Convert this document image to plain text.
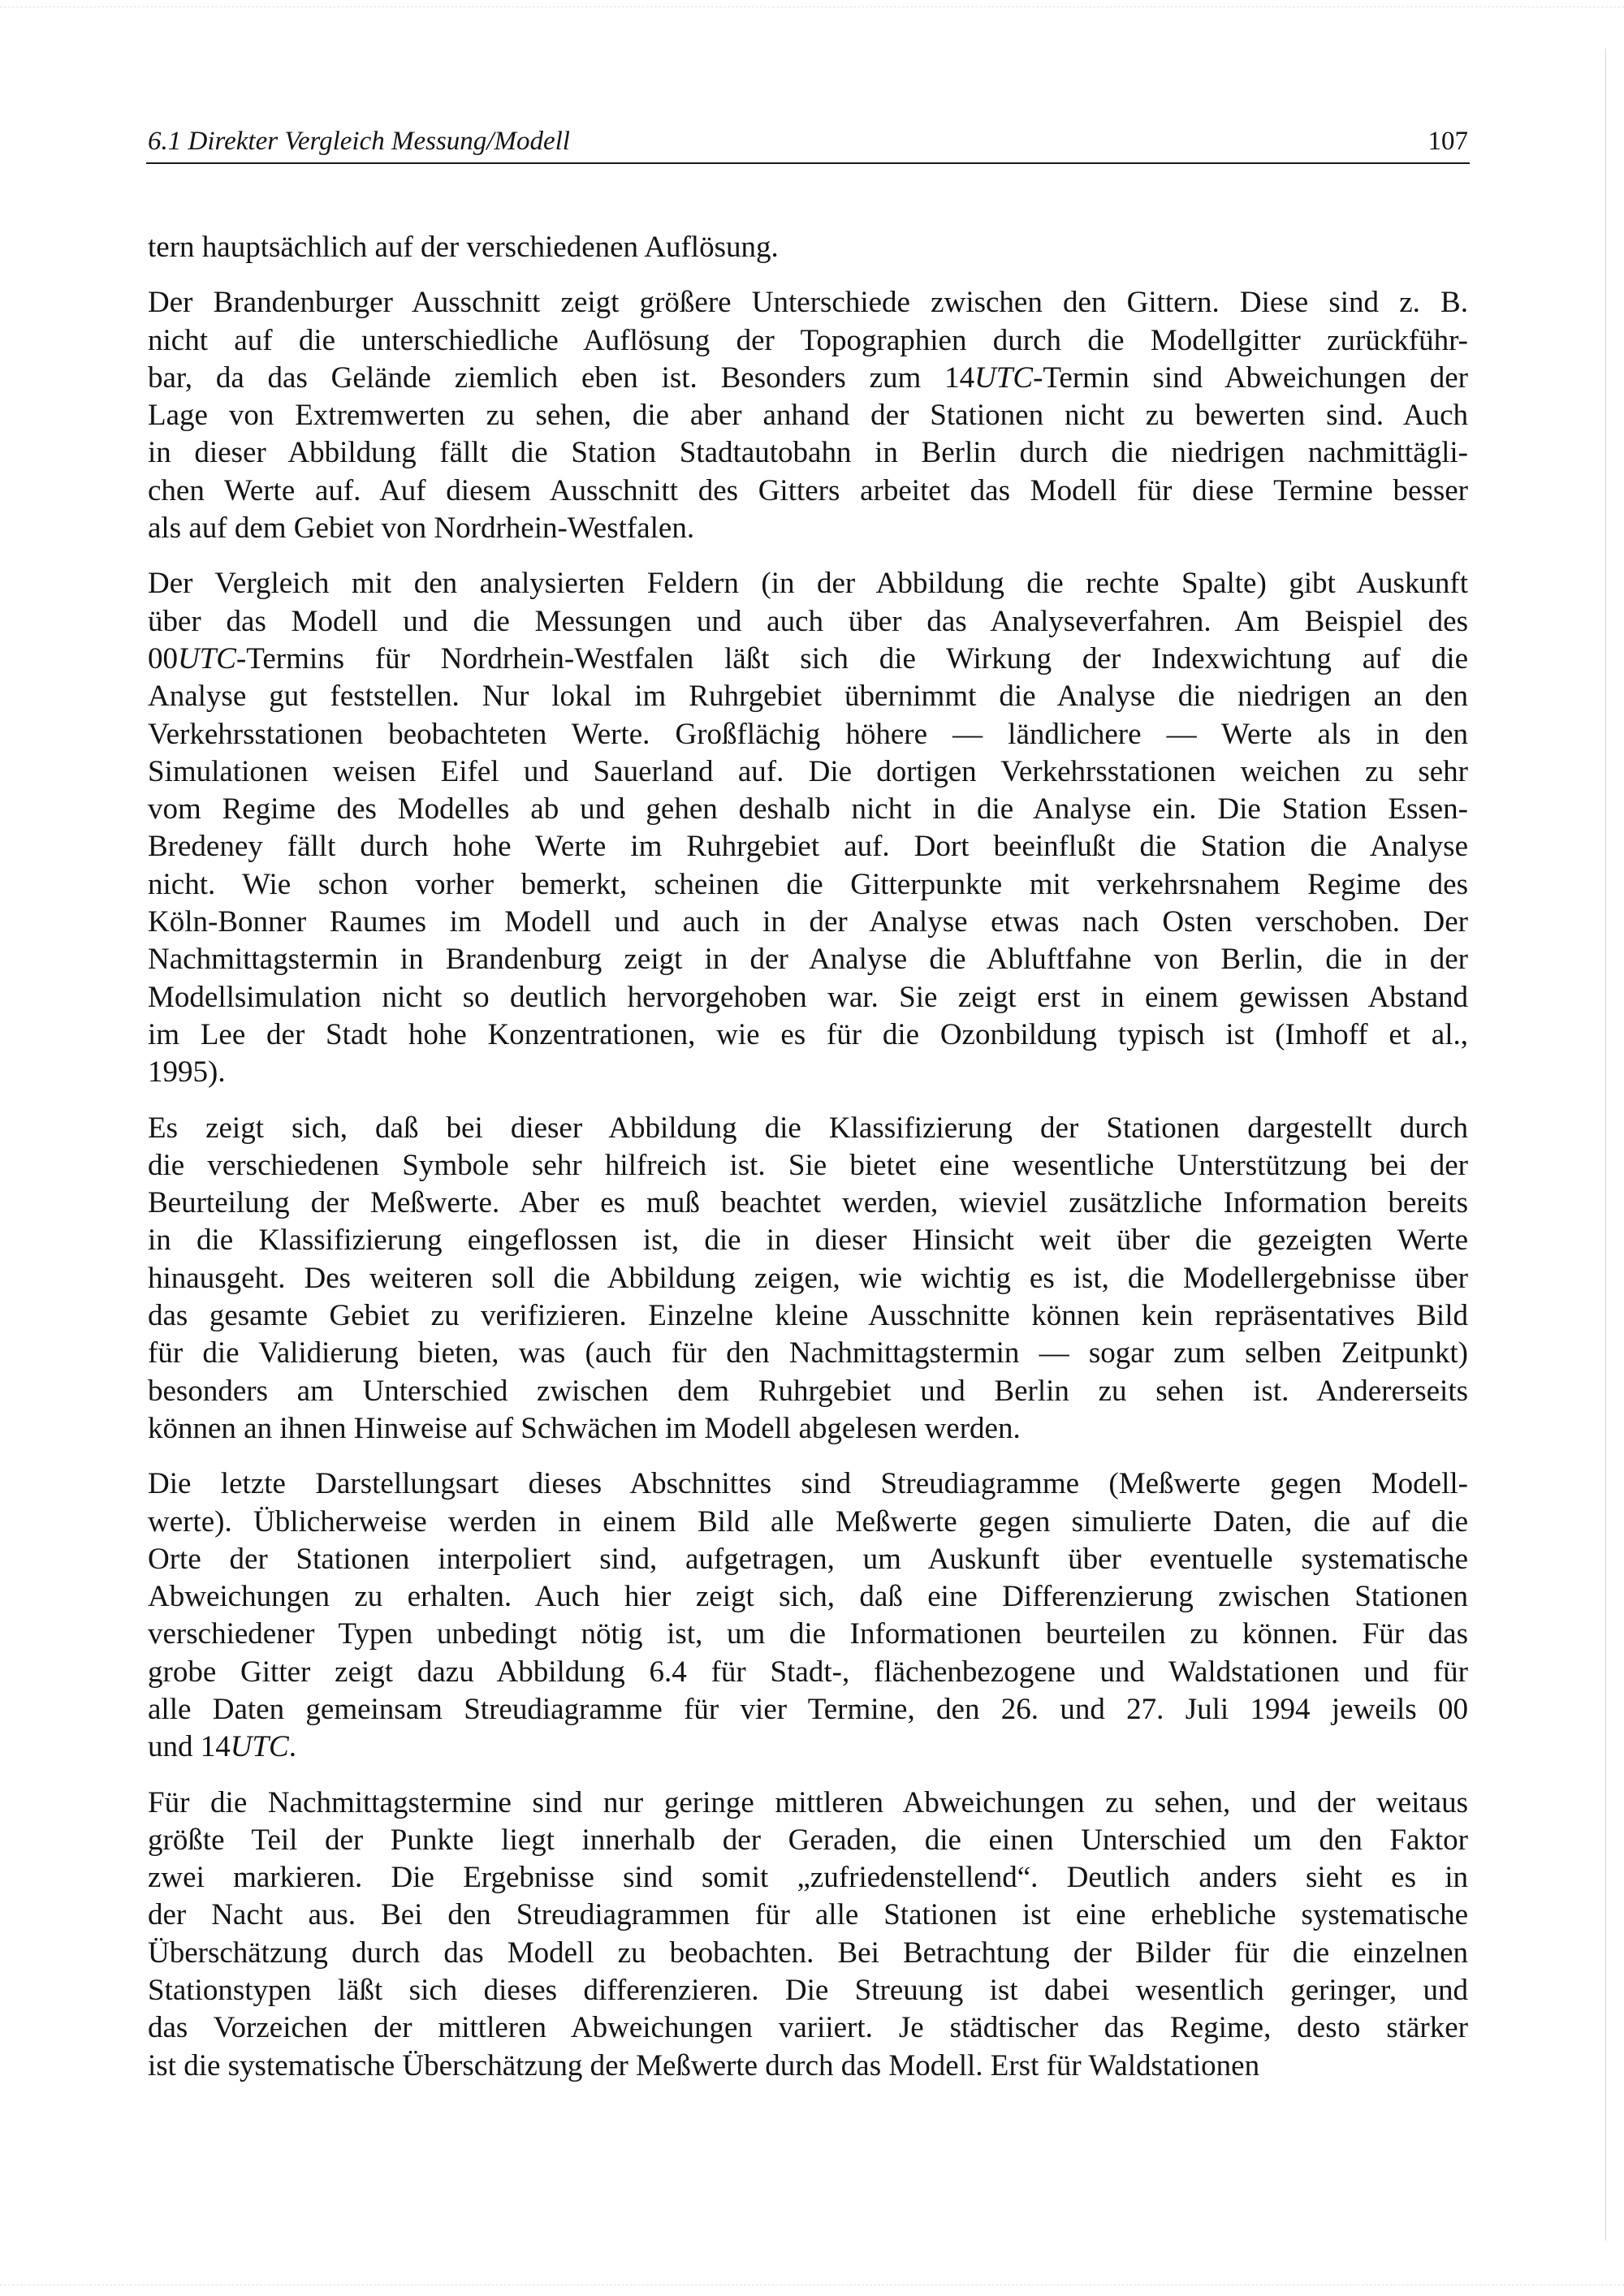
6.1 Direkter Vergleich Messung/Modell	107
tern hauptsächlich auf der verschiedenen Auflösung.
Der Brandenburger Ausschnitt zeigt größere Unterschiede zwischen den Gittern. Diese sind z. B.
nicht auf die unterschiedliche Auflösung der Topographien durch die Modellgitter zurückführ-
bar, da das Gelände ziemlich eben ist. Besonders zum 14UTC-Termin sind Abweichungen der
Lage von Extremwerten zu sehen, die aber anhand der Stationen nicht zu bewerten sind. Auch
in dieser Abbildung fällt die Station Stadtautobahn in Berlin durch die niedrigen nachmittägli-
chen Werte auf. Auf diesem Ausschnitt des Gitters arbeitet das Modell für diese Termine besser
als auf dem Gebiet von Nordrhein-Westfalen.
Der Vergleich mit den analysierten Feldern (in der Abbildung die rechte Spalte) gibt Auskunft
über das Modell und die Messungen und auch über das Analyseverfahren. Am Beispiel des
00UTC-Termins für Nordrhein-Westfalen läßt sich die Wirkung der Indexwichtung auf die
Analyse gut feststellen. Nur lokal im Ruhrgebiet übernimmt die Analyse die niedrigen an den
Verkehrsstationen beobachteten Werte. Großflächig höhere — ländlichere — Werte als in den
Simulationen weisen Eifel und Sauerland auf. Die dortigen Verkehrsstationen weichen zu sehr
vom Regime des Modelles ab und gehen deshalb nicht in die Analyse ein. Die Station Essen-
Bredeney fällt durch hohe Werte im Ruhrgebiet auf. Dort beeinflußt die Station die Analyse
nicht. Wie schon vorher bemerkt, scheinen die Gitterpunkte mit verkehrsnahem Regime des
Köln-Bonner Raumes im Modell und auch in der Analyse etwas nach Osten verschoben. Der
Nachmittagstermin in Brandenburg zeigt in der Analyse die Abluftfahne von Berlin, die in der
Modellsimulation nicht so deutlich hervorgehoben war. Sie zeigt erst in einem gewissen Abstand
im Lee der Stadt hohe Konzentrationen, wie es für die Ozonbildung typisch ist (Imhoff et al.,
1995).
Es zeigt sich, daß bei dieser Abbildung die Klassifizierung der Stationen dargestellt durch
die verschiedenen Symbole sehr hilfreich ist. Sie bietet eine wesentliche Unterstützung bei der
Beurteilung der Meßwerte. Aber es muß beachtet werden, wieviel zusätzliche Information bereits
in die Klassifizierung eingeflossen ist, die in dieser Hinsicht weit über die gezeigten Werte
hinausgeht. Des weiteren soll die Abbildung zeigen, wie wichtig es ist, die Modellergebnisse über
das gesamte Gebiet zu verifizieren. Einzelne kleine Ausschnitte können kein repräsentatives Bild
für die Validierung bieten, was (auch für den Nachmittagstermin — sogar zum selben Zeitpunkt)
besonders am Unterschied zwischen dem Ruhrgebiet und Berlin zu sehen ist. Andererseits
können an ihnen Hinweise auf Schwächen im Modell abgelesen werden.
Die letzte Darstellungsart dieses Abschnittes sind Streudiagramme (Meßwerte gegen Modell-
werte). Üblicherweise werden in einem Bild alle Meßwerte gegen simulierte Daten, die auf die
Orte der Stationen interpoliert sind, aufgetragen, um Auskunft über eventuelle systematische
Abweichungen zu erhalten. Auch hier zeigt sich, daß eine Differenzierung zwischen Stationen
verschiedener Typen unbedingt nötig ist, um die Informationen beurteilen zu können. Für das
grobe Gitter zeigt dazu Abbildung 6.4 für Stadt-, flächenbezogene und Waldstationen und für
alle Daten gemeinsam Streudiagramme für vier Termine, den 26. und 27. Juli 1994 jeweils 00
und 14UTC.
Für die Nachmittagstermine sind nur geringe mittleren Abweichungen zu sehen, und der weitaus
größte Teil der Punkte liegt innerhalb der Geraden, die einen Unterschied um den Faktor
zwei markieren. Die Ergebnisse sind somit „zufriedenstellend“. Deutlich anders sieht es in
der Nacht aus. Bei den Streudiagrammen für alle Stationen ist eine erhebliche systematische
Überschätzung durch das Modell zu beobachten. Bei Betrachtung der Bilder für die einzelnen
Stationstypen läßt sich dieses differenzieren. Die Streuung ist dabei wesentlich geringer, und
das Vorzeichen der mittleren Abweichungen variiert. Je städtischer das Regime, desto stärker
ist die systematische Überschätzung der Meßwerte durch das Modell. Erst für Waldstationen
